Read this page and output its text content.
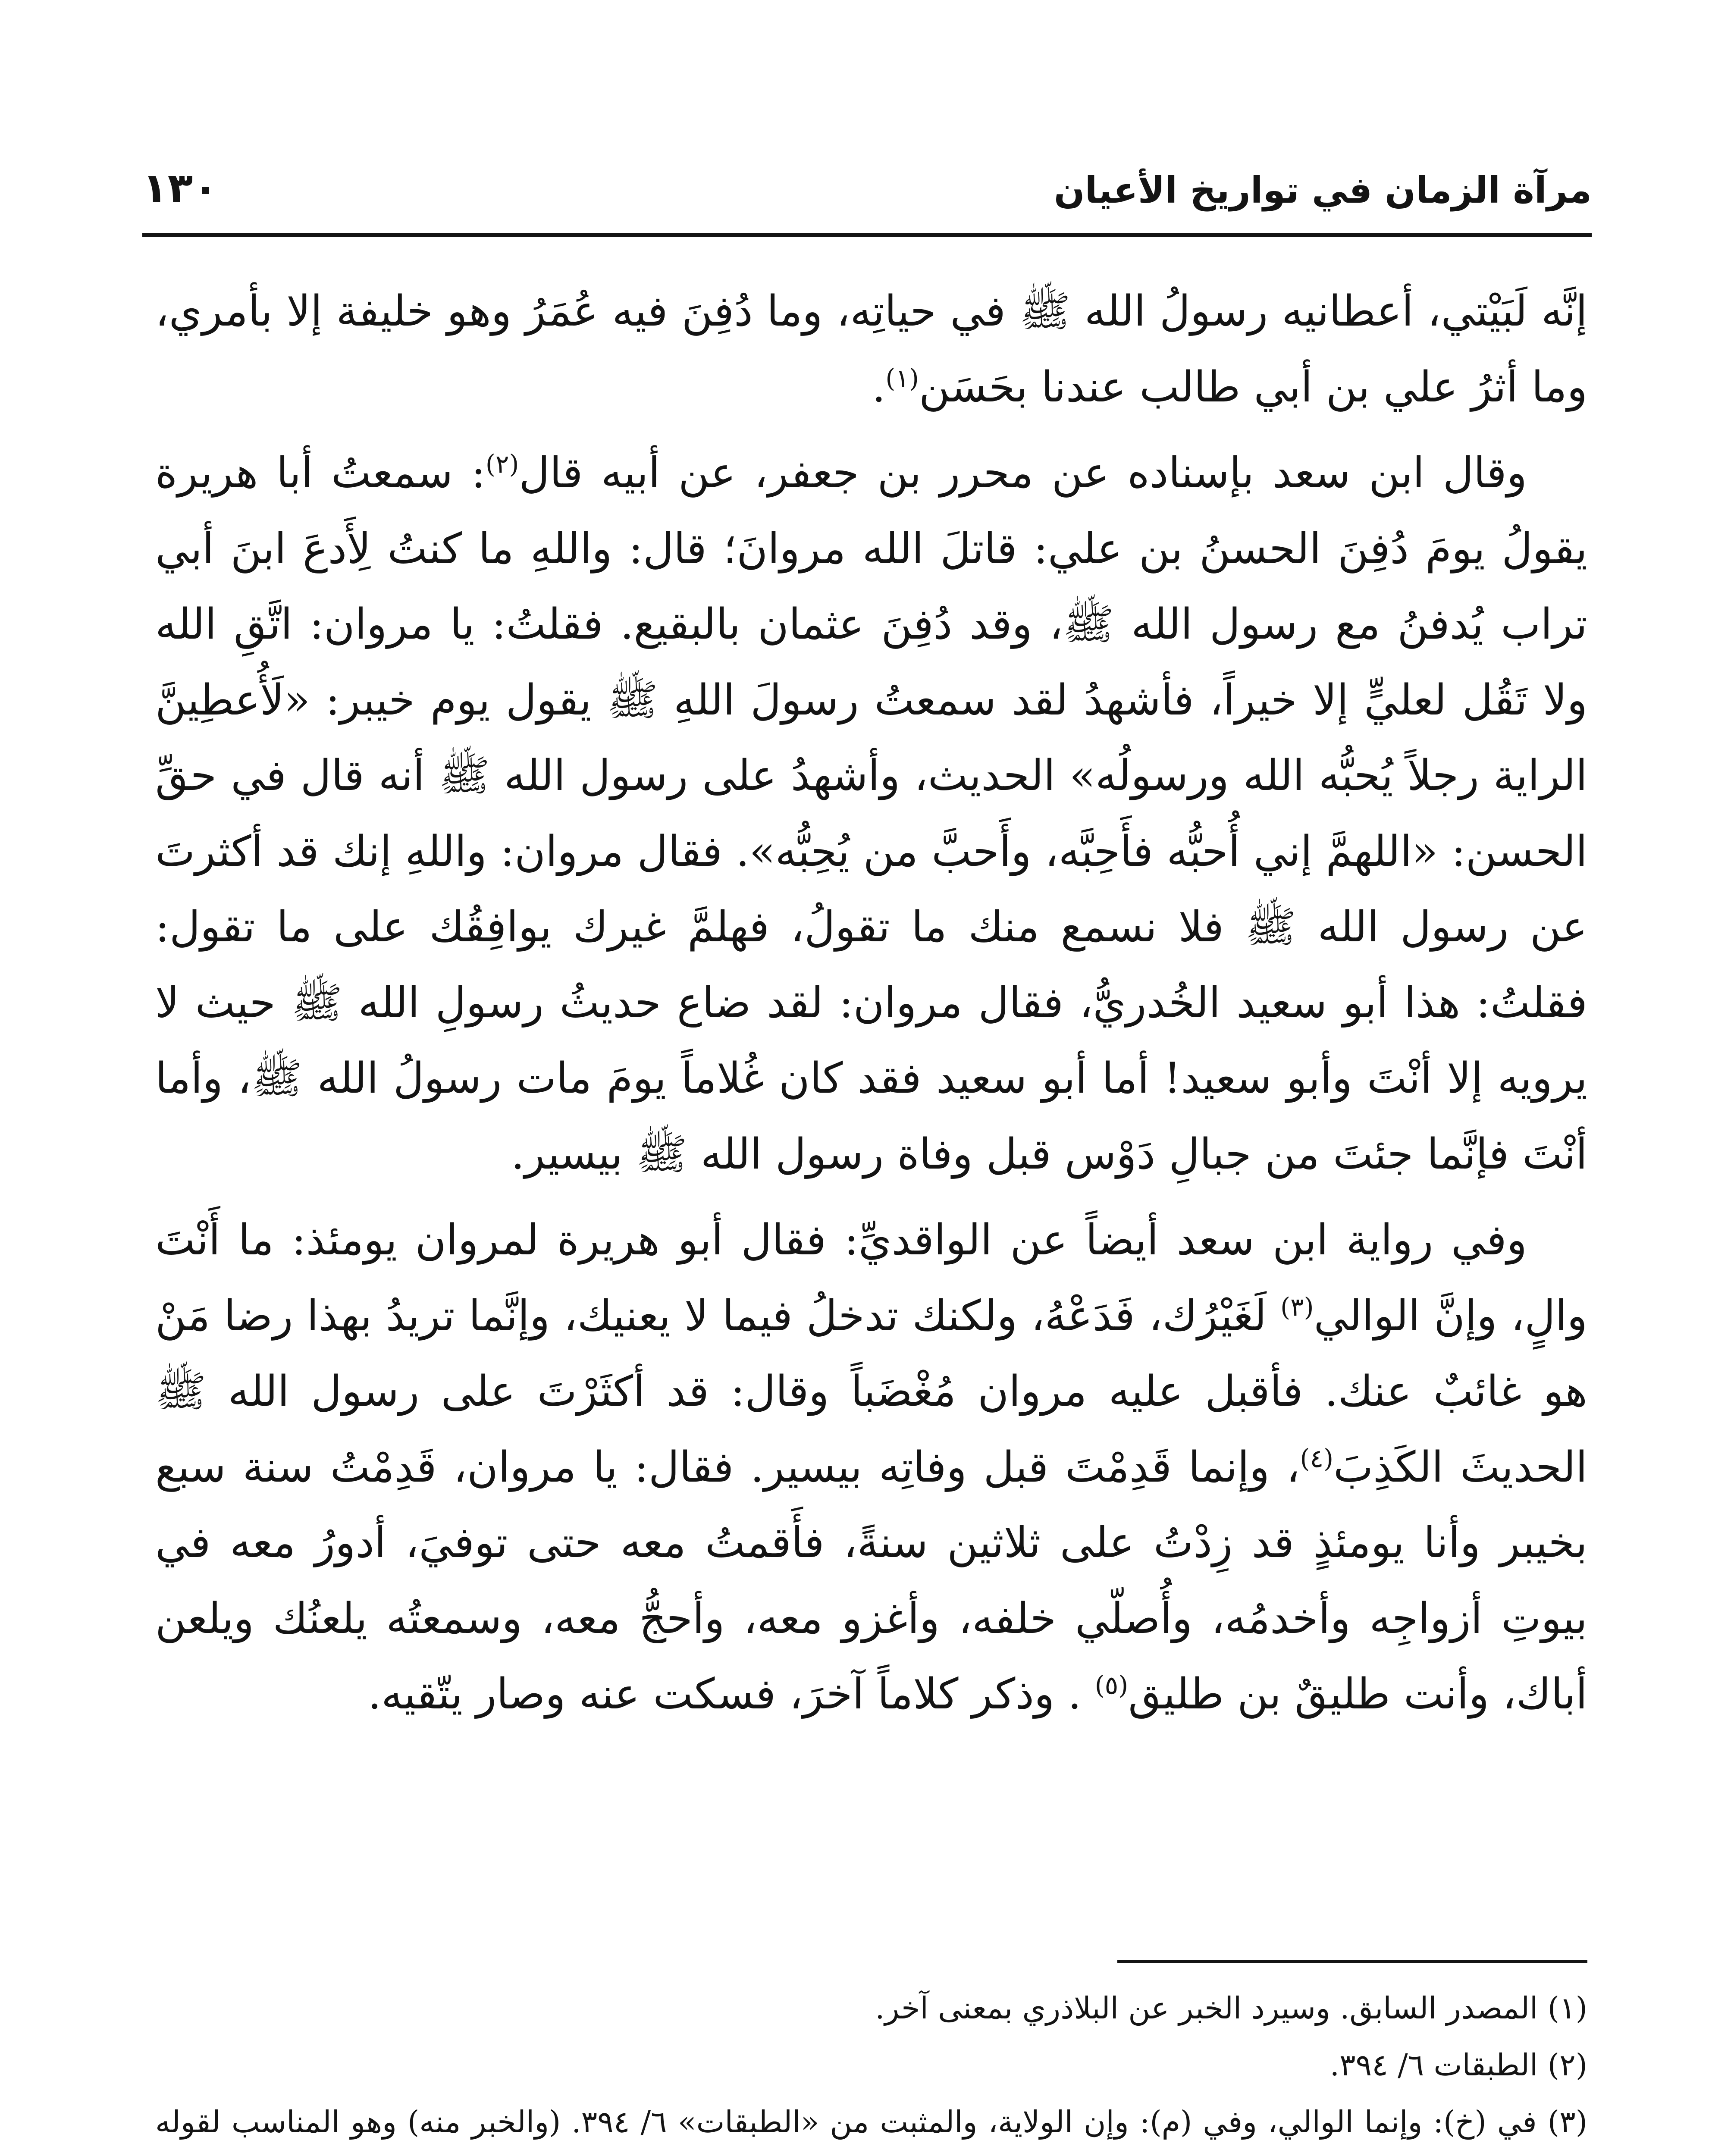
مرآة الزمان في تواريخ الأعيان
١٣٠

إنَّه لَبَيْتي، أعطانيه رسولُ الله ﷺ في حياتِه، وما دُفِنَ فيه عُمَرُ وهو خليفة إلا بأمري، وما أثرُ علي بن أبي طالب عندنا بحَسَن$^{(١)}$.

وقال ابن سعد بإسناده عن محرر بن جعفر، عن أبيه قال$^{(٢)}$: سمعتُ أبا هريرة يقولُ يومَ دُفِنَ الحسنُ بن علي: قاتلَ الله مروانَ؛ قال: واللهِ ما كنتُ لِأَدعَ ابنَ أبي تراب يُدفنُ مع رسول الله ﷺ، وقد دُفِنَ عثمان بالبقيع. فقلتُ: يا مروان: اتَّقِ الله ولا تَقُل لعليٍّ إلا خيراً، فأشهدُ لقد سمعتُ رسولَ اللهِ ﷺ يقول يوم خيبر: «لَأُعطِينَّ الراية رجلاً يُحبُّه الله ورسولُه» الحديث، وأشهدُ على رسول الله ﷺ أنه قال في حقِّ الحسن: «اللهمَّ إني أُحبُّه فأَحِبَّه، وأَحبَّ من يُحِبُّه». فقال مروان: واللهِ إنك قد أكثرتَ عن رسول الله ﷺ فلا نسمع منك ما تقولُ، فهلمَّ غيرك يوافِقُك على ما تقول: فقلتُ: هذا أبو سعيد الخُدريُّ، فقال مروان: لقد ضاع حديثُ رسولِ الله ﷺ حيث لا يرويه إلا أنْتَ وأبو سعيد! أما أبو سعيد فقد كان غُلاماً يومَ مات رسولُ الله ﷺ، وأما أنْتَ فإنَّما جئتَ من جبالِ دَوْس قبل وفاة رسول الله ﷺ بيسير.

وفي رواية ابن سعد أيضاً عن الواقديِّ: فقال أبو هريرة لمروان يومئذ: ما أَنْتَ والٍ، وإنَّ الوالي$^{(٣)}$ لَغَيْرُك، فَدَعْهُ، ولكنك تدخلُ فيما لا يعنيك، وإنَّما تريدُ بهذا رضا مَنْ هو غائبٌ عنك. فأقبل عليه مروان مُغْضَباً وقال: قد أكثَرْتَ على رسول الله ﷺ الحديثَ الكَذِبَ$^{(٤)}$، وإنما قَدِمْتَ قبل وفاتِه بيسير. فقال: يا مروان، قَدِمْتُ سنة سبع بخيبر وأنا يومئذٍ قد زِدْتُ على ثلاثين سنةً، فأَقمتُ معه حتى توفيَ، أدورُ معه في بيوتِ أزواجِه وأخدمُه، وأُصلّي خلفه، وأغزو معه، وأحجُّ معه، وسمعتُه يلعنُك ويلعن أباك، وأنت طليقٌ بن طليق$^{(٥)}$ . وذكر كلاماً آخرَ، فسكت عنه وصار يتّقيه.

(١) المصدر السابق. وسيرد الخبر عن البلاذري بمعنى آخر.
(٢) الطبقات ٦/ ٣٩٤.
(٣) في (خ): وإنما الوالي، وفي (م): وإن الولاية، والمثبت من «الطبقات» ٦/ ٣٩٤. (والخبر منه) وهو المناسب لقوله
